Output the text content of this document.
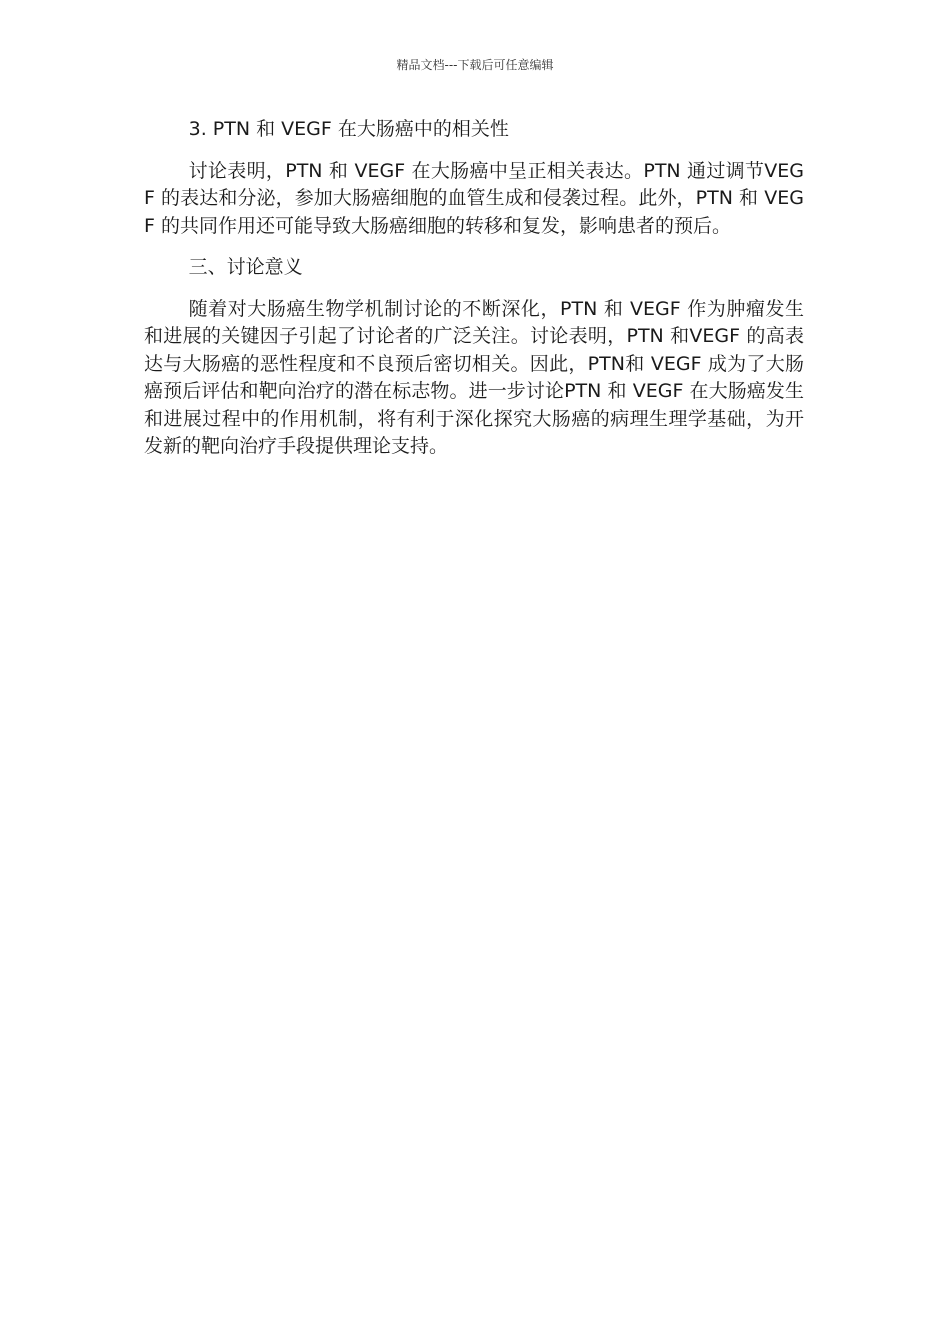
精品文档---下载后可任意编辑

3. PTN 和 VEGF 在大肠癌中的相关性

讨论表明，PTN 和 VEGF 在大肠癌中呈正相关表达。PTN 通过调节VEGF 的表达和分泌，参加大肠癌细胞的血管生成和侵袭过程。此外，PTN 和 VEGF 的共同作用还可能导致大肠癌细胞的转移和复发，影响患者的预后。

三、讨论意义

随着对大肠癌生物学机制讨论的不断深化，PTN 和 VEGF 作为肿瘤发生和进展的关键因子引起了讨论者的广泛关注。讨论表明，PTN 和VEGF 的高表达与大肠癌的恶性程度和不良预后密切相关。因此，PTN和 VEGF 成为了大肠癌预后评估和靶向治疗的潜在标志物。进一步讨论PTN 和 VEGF 在大肠癌发生和进展过程中的作用机制，将有利于深化探究大肠癌的病理生理学基础，为开发新的靶向治疗手段提供理论支持。
